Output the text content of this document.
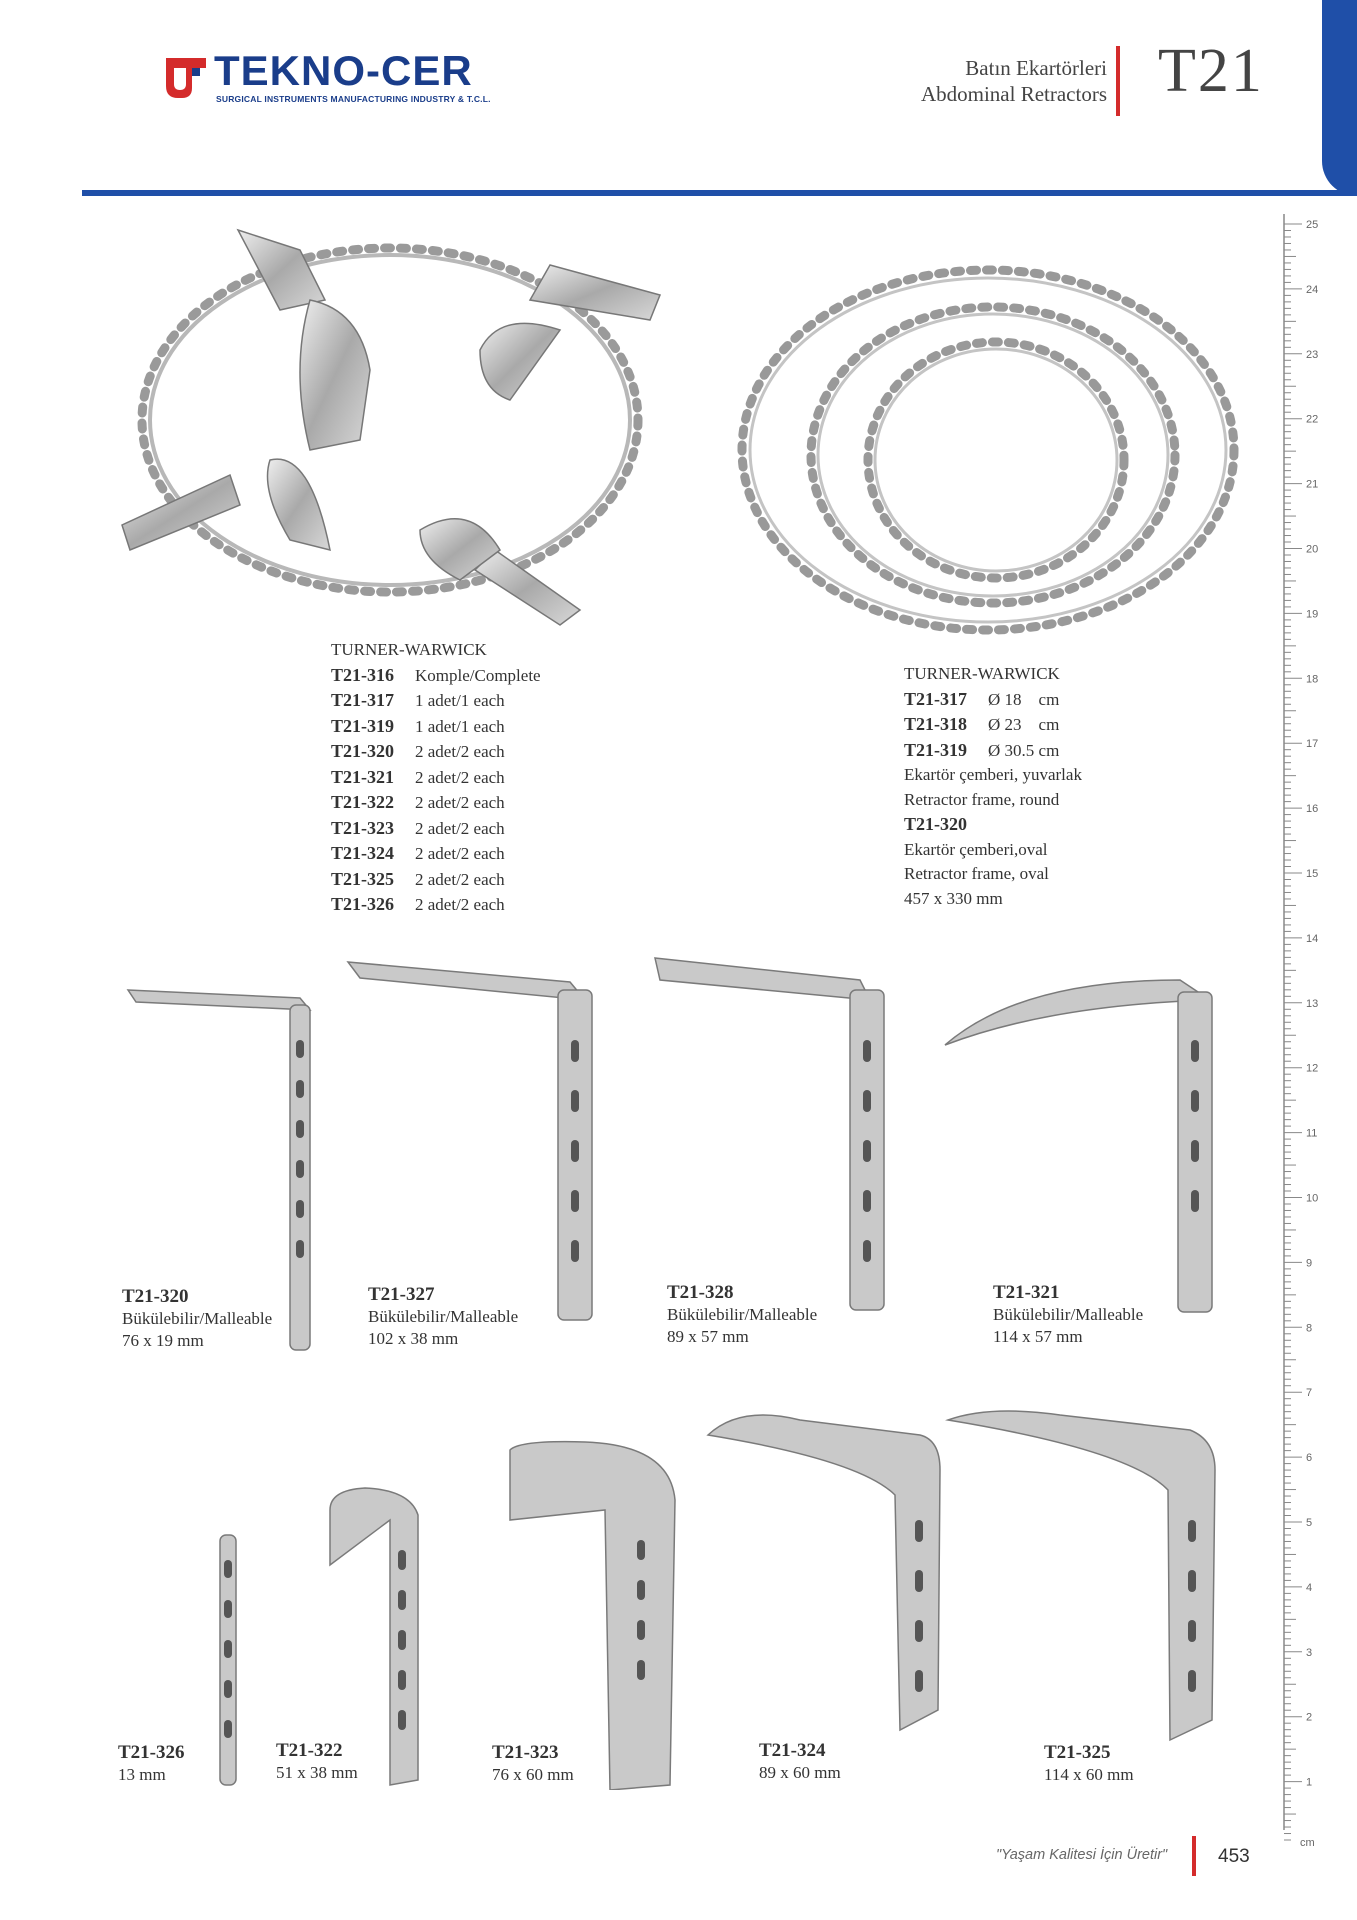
TEKNO-CER
SURGICAL INSTRUMENTS MANUFACTURING INDUSTRY & T.C.L.
Batın Ekartörleri
Abdominal Retractors T21
TURNER-WARWICK
T21-316 Komple/Complete
T21-317 1 adet/1 each
T21-319 1 adet/1 each
T21-320 2 adet/2 each
T21-321 2 adet/2 each
T21-322 2 adet/2 each
T21-323 2 adet/2 each
T21-324 2 adet/2 each
T21-325 2 adet/2 each
T21-326 2 adet/2 each
TURNER-WARWICK
T21-317 Ø 18    cm
T21-318 Ø 23    cm
T21-319 Ø 30.5 cm
Ekartör çemberi, yuvarlak
Retractor frame, round
T21-320
Ekartör çemberi,oval
Retractor frame, oval
457 x 330 mm
T21-320
Bükülebilir/Malleable
76 x 19 mm
T21-327
Bükülebilir/Malleable
102 x 38 mm
T21-328
Bükülebilir/Malleable
89 x 57 mm
T21-321
Bükülebilir/Malleable
114 x 57 mm
T21-326
13 mm
T21-322
51 x 38 mm
T21-323
76 x 60 mm
T21-324
89 x 60 mm
T21-325
114 x 60 mm
25
24
23
22
21
20
19
18
17
16
15
14
13
12
11
10
9
8
7
6
5
4
3
2
1
cm
"Yaşam Kalitesi İçin Üretir"	453
